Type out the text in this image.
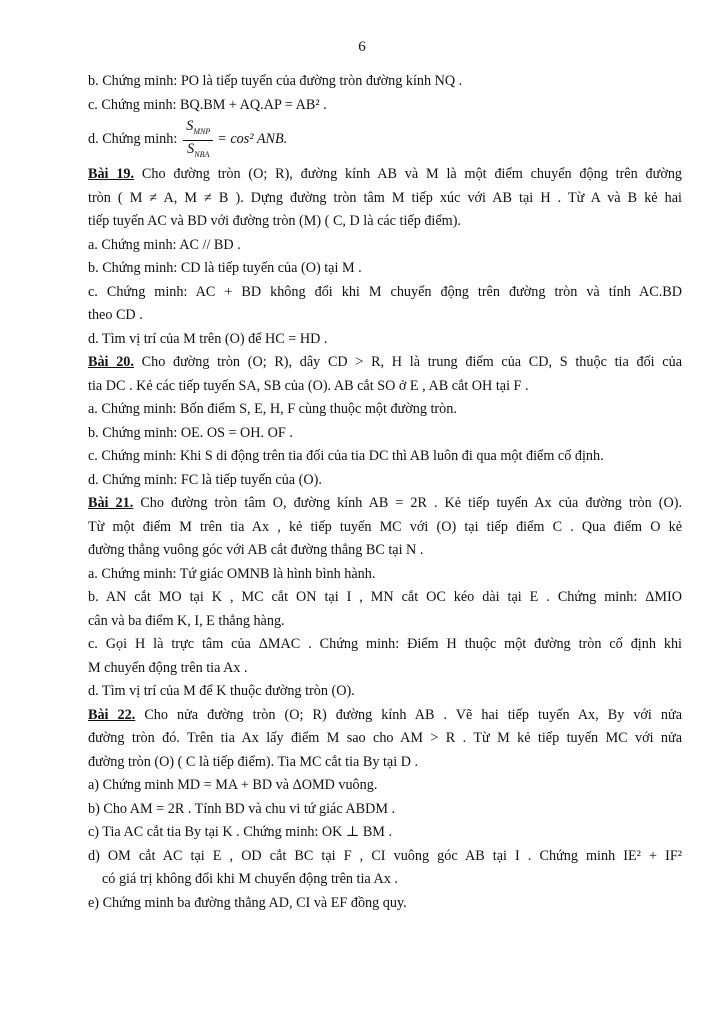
6
b. Chứng minh: PO là tiếp tuyến của đường tròn đường kính NQ .
c. Chứng minh: BQ.BM + AQ.AP = AB² .
d. Chứng minh: $\frac{S_{MNP}}{S_{NBA}} = \cos^2$ ANB.
Bài 19. Cho đường tròn (O; R), đường kính AB và M là một điểm chuyển động trên đường
tròn ( M ≠ A, M ≠ B ). Dựng đường tròn tâm M tiếp xúc với AB tại H . Từ A và B kẻ hai
tiếp tuyến AC và BD với đường tròn (M) ( C, D là các tiếp điểm).
a. Chứng minh: AC // BD .
b. Chứng minh: CD là tiếp tuyến của (O) tại M .
c. Chứng minh: AC + BD không đổi khi M chuyển động trên đường tròn và tính AC.BD
theo CD .
d. Tìm vị trí của M trên (O) để HC = HD .
Bài 20. Cho đường tròn (O; R), dây CD > R, H là trung điểm của CD, S thuộc tia đối của
tia DC . Kẻ các tiếp tuyến SA, SB của (O). AB cắt SO ở E , AB cắt OH tại F .
a. Chứng minh: Bốn điểm S, E, H, F cùng thuộc một đường tròn.
b. Chứng minh: OE. OS = OH. OF .
c. Chứng minh: Khi S di động trên tia đối của tia DC thì AB luôn đi qua một điểm cố định.
d. Chứng minh: FC là tiếp tuyến của (O).
Bài 21. Cho đường tròn tâm O, đường kính AB = 2R . Kẻ tiếp tuyến Ax của đường tròn (O).
Từ một điểm M trên tia Ax , kẻ tiếp tuyến MC với (O) tại tiếp điểm C . Qua điểm O kẻ
đường thẳng vuông góc với AB cắt đường thẳng BC tại N .
a. Chứng minh: Tứ giác OMNB là hình bình hành.
b. AN cắt MO tại K , MC cắt ON tại I , MN cắt OC kéo dài tại E . Chứng minh: ΔMIO
cân và ba điểm K, I, E thẳng hàng.
c. Gọi H là trực tâm của ΔMAC . Chứng minh: Điểm H thuộc một đường tròn cố định khi
M chuyển động trên tia Ax .
d. Tìm vị trí của M để K thuộc đường tròn (O).
Bài 22. Cho nửa đường tròn (O; R) đường kính AB . Vẽ hai tiếp tuyến Ax, By với nửa
đường tròn đó. Trên tia Ax lấy điểm M sao cho AM > R . Từ M kẻ tiếp tuyến MC với nửa
đường tròn (O) ( C là tiếp điểm). Tia MC cắt tia By tại D .
a) Chứng minh MD = MA + BD và ΔOMD vuông.
b) Cho AM = 2R . Tính BD và chu vi tứ giác ABDM .
c) Tia AC cắt tia By tại K . Chứng minh: OK ⊥ BM .
d) OM cắt AC tại E , OD cắt BC tại F , CI vuông góc AB tại I . Chứng minh IE² + IF²
có giá trị không đổi khi M chuyển động trên tia Ax .
e) Chứng minh ba đường thẳng AD, CI và EF đồng quy.
